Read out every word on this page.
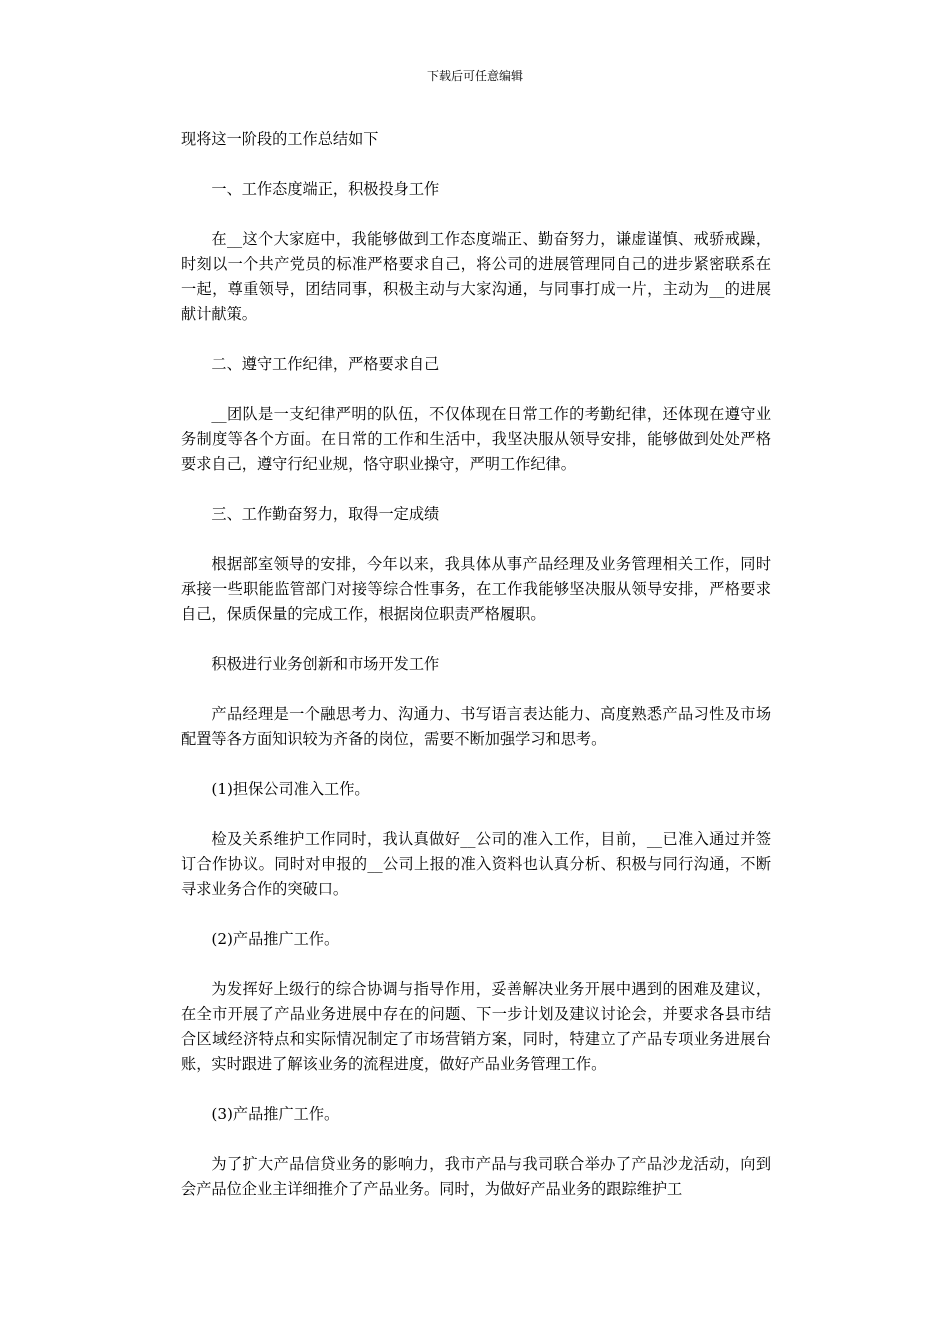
下载后可任意编辑

现将这一阶段的工作总结如下

一、工作态度端正，积极投身工作

在__这个大家庭中，我能够做到工作态度端正、勤奋努力，谦虚谨慎、戒骄戒躁，时刻以一个共产党员的标准严格要求自己，将公司的进展管理同自己的进步紧密联系在一起，尊重领导，团结同事，积极主动与大家沟通，与同事打成一片，主动为__的进展献计献策。

二、遵守工作纪律，严格要求自己

__团队是一支纪律严明的队伍，不仅体现在日常工作的考勤纪律，还体现在遵守业务制度等各个方面。在日常的工作和生活中，我坚决服从领导安排，能够做到处处严格要求自己，遵守行纪业规，恪守职业操守，严明工作纪律。

三、工作勤奋努力，取得一定成绩

根据部室领导的安排，今年以来，我具体从事产品经理及业务管理相关工作，同时承接一些职能监管部门对接等综合性事务，在工作我能够坚决服从领导安排，严格要求自己，保质保量的完成工作，根据岗位职责严格履职。

积极进行业务创新和市场开发工作

产品经理是一个融思考力、沟通力、书写语言表达能力、高度熟悉产品习性及市场配置等各方面知识较为齐备的岗位，需要不断加强学习和思考。

(1)担保公司准入工作。

检及关系维护工作同时，我认真做好__公司的准入工作，目前，__已准入通过并签订合作协议。同时对申报的__公司上报的准入资料也认真分析、积极与同行沟通，不断寻求业务合作的突破口。

(2)产品推广工作。

为发挥好上级行的综合协调与指导作用，妥善解决业务开展中遇到的困难及建议，在全市开展了产品业务进展中存在的问题、下一步计划及建议讨论会，并要求各县市结合区域经济特点和实际情况制定了市场营销方案，同时，特建立了产品专项业务进展台账，实时跟进了解该业务的流程进度，做好产品业务管理工作。

(3)产品推广工作。

为了扩大产品信贷业务的影响力，我市产品与我司联合举办了产品沙龙活动，向到会产品位企业主详细推介了产品业务。同时，为做好产品业务的跟踪维护工
